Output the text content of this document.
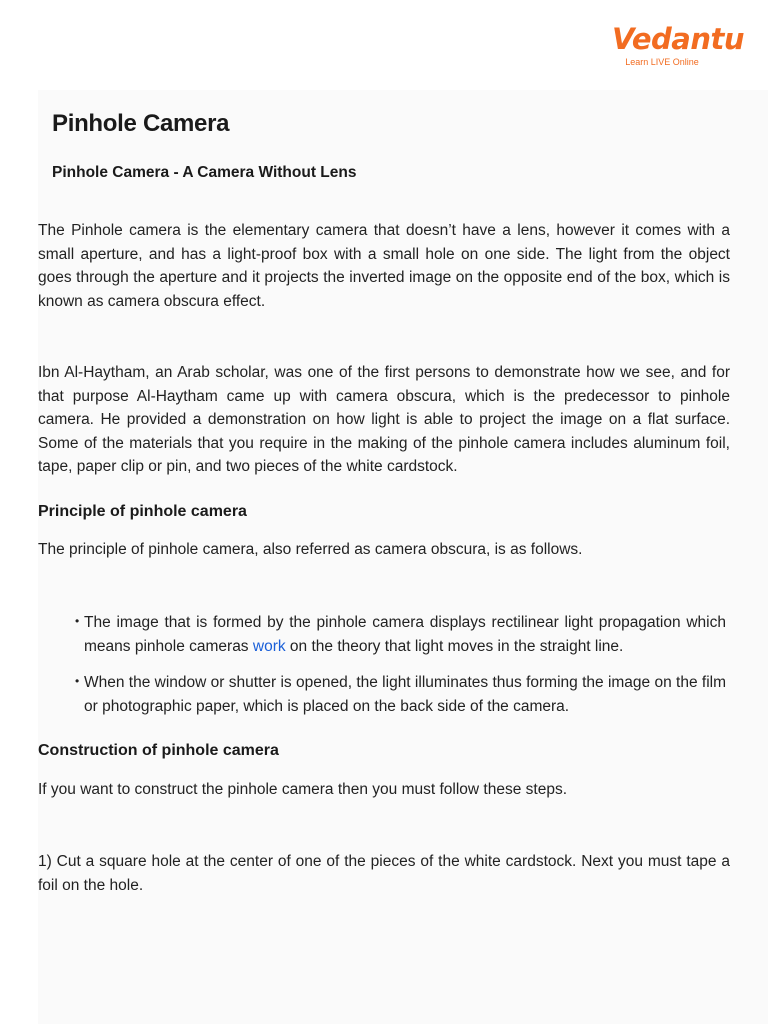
Vedantu
Learn LIVE Online
Pinhole Camera
Pinhole Camera - A Camera Without Lens

The Pinhole camera is the elementary camera that doesn’t have a lens, however it comes with a small aperture, and has a light-proof box with a small hole on one side. The light from the object goes through the aperture and it projects the inverted image on the opposite end of the box, which is known as camera obscura effect.

Ibn Al-Haytham, an Arab scholar, was one of the first persons to demonstrate how we see, and for that purpose Al-Haytham came up with camera obscura, which is the predecessor to pinhole camera. He provided a demonstration on how light is able to project the image on a flat surface. Some of the materials that you require in the making of the pinhole camera includes aluminum foil, tape, paper clip or pin, and two pieces of the white cardstock.

Principle of pinhole camera

The principle of pinhole camera, also referred as camera obscura, is as follows.

• The image that is formed by the pinhole camera displays rectilinear light propagation which means pinhole cameras work on the theory that light moves in the straight line.

• When the window or shutter is opened, the light illuminates thus forming the image on the film or photographic paper, which is placed on the back side of the camera.

Construction of pinhole camera

If you want to construct the pinhole camera then you must follow these steps.

1) Cut a square hole at the center of one of the pieces of the white cardstock. Next you must tape a foil on the hole.
